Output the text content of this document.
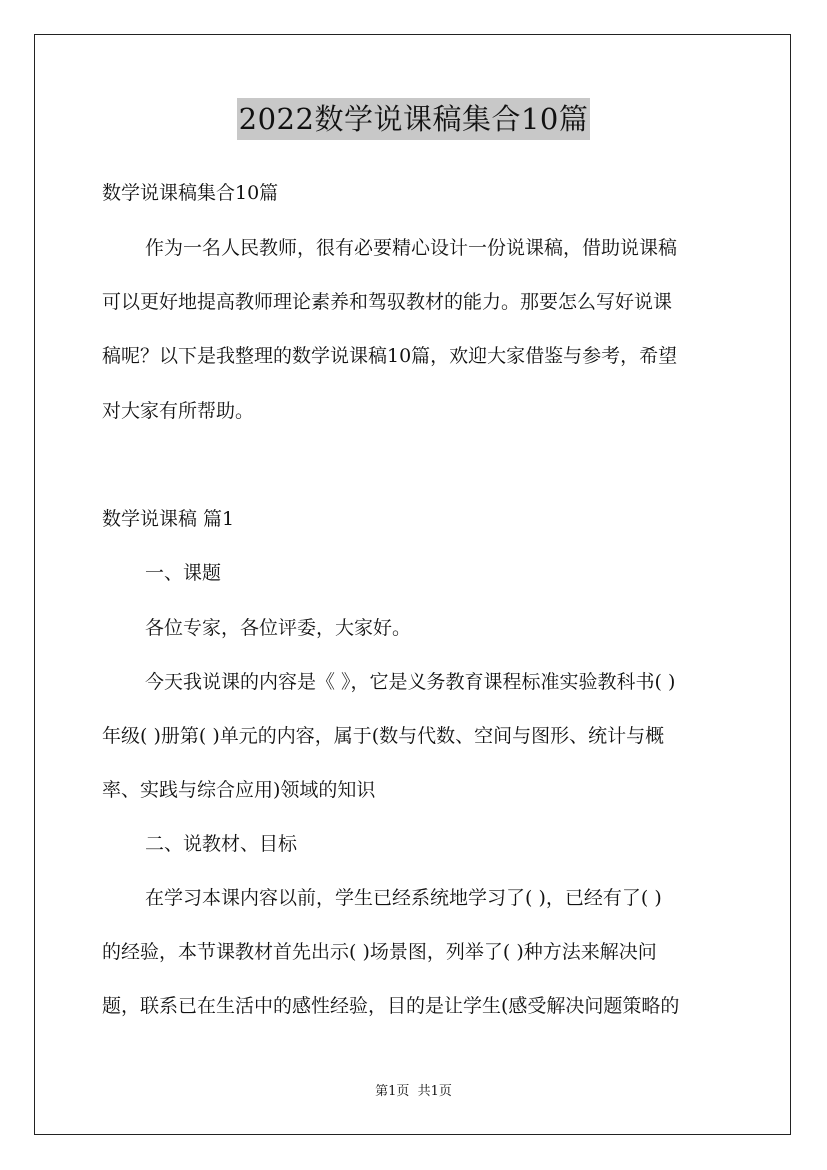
2022数学说课稿集合10篇
数学说课稿集合10篇
作为一名人民教师，很有必要精心设计一份说课稿，借助说课稿
可以更好地提高教师理论素养和驾驭教材的能力。那要怎么写好说课
稿呢？以下是我整理的数学说课稿10篇，欢迎大家借鉴与参考，希望
对大家有所帮助。
数学说课稿 篇1
一、课题
各位专家，各位评委，大家好。
今天我说课的内容是《 》，它是义务教育课程标准实验教科书( )
年级( )册第( )单元的内容，属于(数与代数、空间与图形、统计与概
率、实践与综合应用)领域的知识
二、说教材、目标
在学习本课内容以前，学生已经系统地学习了( )，已经有了( )
的经验，本节课教材首先出示( )场景图，列举了( )种方法来解决问
题，联系已在生活中的感性经验，目的是让学生(感受解决问题策略的
第1页  共1页
